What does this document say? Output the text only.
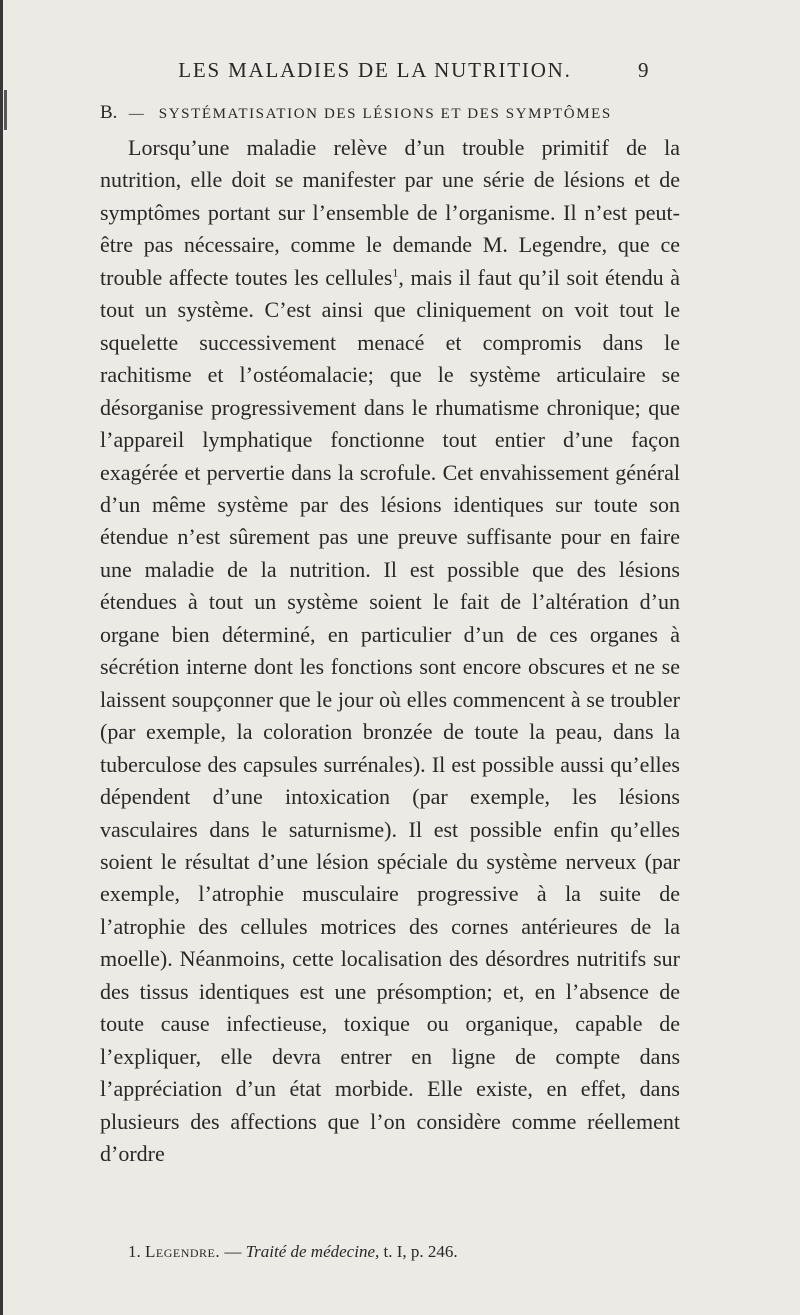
LES MALADIES DE LA NUTRITION.	9
B. — SYSTÉMATISATION DES LÉSIONS ET DES SYMPTÔMES

Lorsqu’une maladie relève d’un trouble primitif de la nutrition, elle doit se manifester par une série de lésions et de symptômes portant sur l’ensemble de l’organisme. Il n’est peut-être pas nécessaire, comme le demande M. Legendre, que ce trouble affecte toutes les cellules$^1$, mais il faut qu’il soit étendu à tout un système. C’est ainsi que cliniquement on voit tout le squelette successivement menacé et compromis dans le rachitisme et l’ostéomalacie; que le système articulaire se désorganise progressivement dans le rhumatisme chronique; que l’appareil lymphatique fonctionne tout entier d’une façon exagérée et pervertie dans la scrofule. Cet envahissement général d’un même système par des lésions identiques sur toute son étendue n’est sûrement pas une preuve suffisante pour en faire une maladie de la nutrition. Il est possible que des lésions étendues à tout un système soient le fait de l’altération d’un organe bien déterminé, en particulier d’un de ces organes à sécrétion interne dont les fonctions sont encore obscures et ne se laissent soupçonner que le jour où elles commencent à se troubler (par exemple, la coloration bronzée de toute la peau, dans la tuberculose des capsules surrénales). Il est possible aussi qu’elles dépendent d’une intoxication (par exemple, les lésions vasculaires dans le saturnisme). Il est possible enfin qu’elles soient le résultat d’une lésion spéciale du système nerveux (par exemple, l’atrophie musculaire progressive à la suite de l’atrophie des cellules motrices des cornes antérieures de la moelle). Néanmoins, cette localisation des désordres nutritifs sur des tissus identiques est une présomption; et, en l’absence de toute cause infectieuse, toxique ou organique, capable de l’expliquer, elle devra entrer en ligne de compte dans l’appréciation d’un état morbide. Elle existe, en effet, dans plusieurs des affections que l’on considère comme réellement d’ordre

1. Legendre. — Traité de médecine, t. I, p. 246.
